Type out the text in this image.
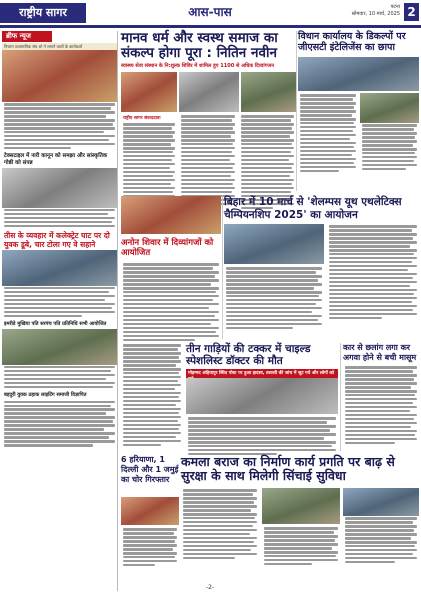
राष्ट्रीय सागर	आस-पास	पटना
सोमवार, 10 मार्च, 2025 2
ब्रीफ न्यूज
निजाम व्यवसायिक संघ शो ने लगाने वालों के कार्यकर्ता
टेक्सटाइल में नारी कानून को समझा और सांस्कृतिक गोष्ठी को संपन्न
तीस के व्यवहार में कलेक्ट्रेट घाट पर दो युवक डूबे, चार टोला गए वे सहाने
इमरीडे मुखिया पति सरपंच पति प्रतिनिधि सभी आयोजित
बहदुरी युवक ठहाक लाइटिंग समाजी विज्ञापित
मानव धर्म और स्वस्थ समाज का संकल्प होगा पूरा : नितिन नवीन
स्वास्थ्य सेवा संस्थान के नि:शुल्क शिविर में शामिल हुए 1100 से अधिक दिव्यांगजन
राष्ट्रीय सागर संवाददाता
विधान कार्यालय के डिकल्पों पर जीएसटी इंटेलिजेंस का छापा
अनोन शिवार में दिव्यांगजों को आयोजित
बिहार में 10 मार्च से 'शेलम्पस यूथ एथलेटिक्स चैम्पियनशिप 2025' का आयोजन
तीन गाड़ियों की टक्कर में चाइल्ड स्पेशलिस्ट डॉक्टर की मौत
मोहम्मद अहियापुर स्थित पोस्ट पर हुआ हादसा, तलाशी की जांच में जुट गये और लोगों को
कार से छलांग लगा कर अगवा होने से बची मासूम
6 हरियाणा, 1 दिल्ली और 1 जमुई का चोर गिरफ्तार
कमला बराज का निर्माण कार्य प्रगति पर बाढ़ से सुरक्षा के साथ मिलेगी सिंचाई सुविधा
-2-
